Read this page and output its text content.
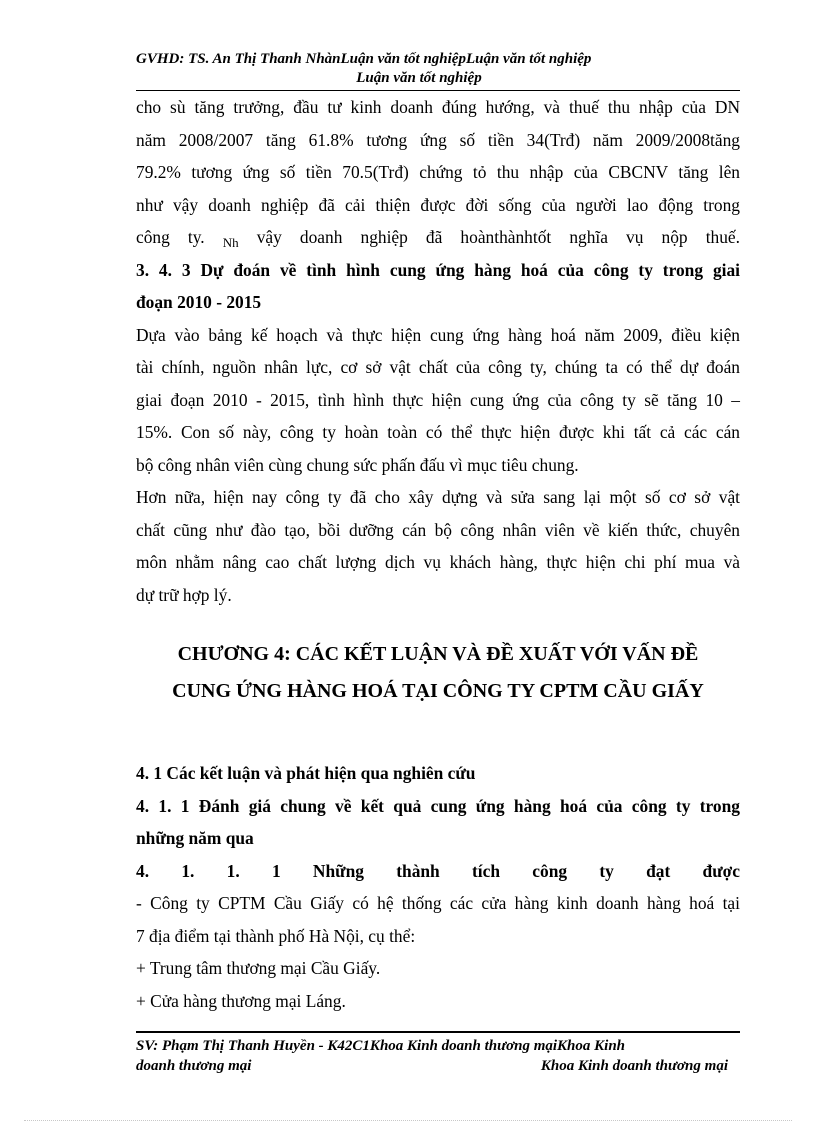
GVHD: TS. An Thị Thanh NhànLuận văn tốt nghiệpLuận văn tốt nghiệp
Luận văn tốt nghiệp
cho sù tăng trưởng, đầu tư kinh doanh đúng hướng, và thuế thu nhập của DN
năm 2008/2007 tăng 61.8% tương ứng số tiền 34(Trđ) năm 2009/2008tăng
79.2% tương ứng số tiền 70.5(Trđ) chứng tỏ thu nhập của CBCNV tăng lên
như vậy doanh nghiệp đã cải thiện được đời sống của người lao động trong
công ty. $_{Nh}$ vậy doanh nghiệp đã hoànthànhtốt nghĩa vụ nộp thuế.
3. 4. 3 Dự đoán về tình hình cung ứng hàng hoá của công ty trong giai
đoạn 2010 - 2015
Dựa vào bảng kế hoạch và thực hiện cung ứng hàng hoá năm 2009, điều kiện
tài chính, nguồn nhân lực, cơ sở vật chất của công ty, chúng ta có thể dự đoán
giai đoạn 2010 - 2015, tình hình thực hiện cung ứng của công ty sẽ tăng 10 –
15%. Con số này, công ty hoàn toàn có thể thực hiện được khi tất cả các cán
bộ công nhân viên cùng chung sức phấn đấu vì mục tiêu chung.
Hơn nữa, hiện nay công ty đã cho xây dựng và sửa sang lại một số cơ sở vật
chất cũng như đào tạo, bồi dưỡng cán bộ công nhân viên về kiến thức, chuyên
môn nhằm nâng cao chất lượng dịch vụ khách hàng, thực hiện chi phí mua và
dự trữ hợp lý.
CHƯƠNG 4: CÁC KẾT LUẬN VÀ ĐỀ XUẤT VỚI VẤN ĐỀ
CUNG ỨNG HÀNG HOÁ TẠI CÔNG TY CPTM CẦU GIẤY
4. 1 Các kết luận và phát hiện qua nghiên cứu
4. 1. 1 Đánh giá chung về kết quả cung ứng hàng hoá của công ty trong
những năm qua
4. 1. 1. 1 Những thành tích công ty đạt được
- Công ty CPTM Cầu Giấy có hệ thống các cửa hàng kinh doanh hàng hoá tại
7 địa điểm tại thành phố Hà Nội, cụ thể:
+ Trung tâm thương mại Cầu Giấy.
+ Cửa hàng thương mại Láng.
SV: Phạm Thị Thanh Huyền - K42C1Khoa Kinh doanh thương mạiKhoa Kinh
doanh thương mại	Khoa Kinh doanh thương mại
